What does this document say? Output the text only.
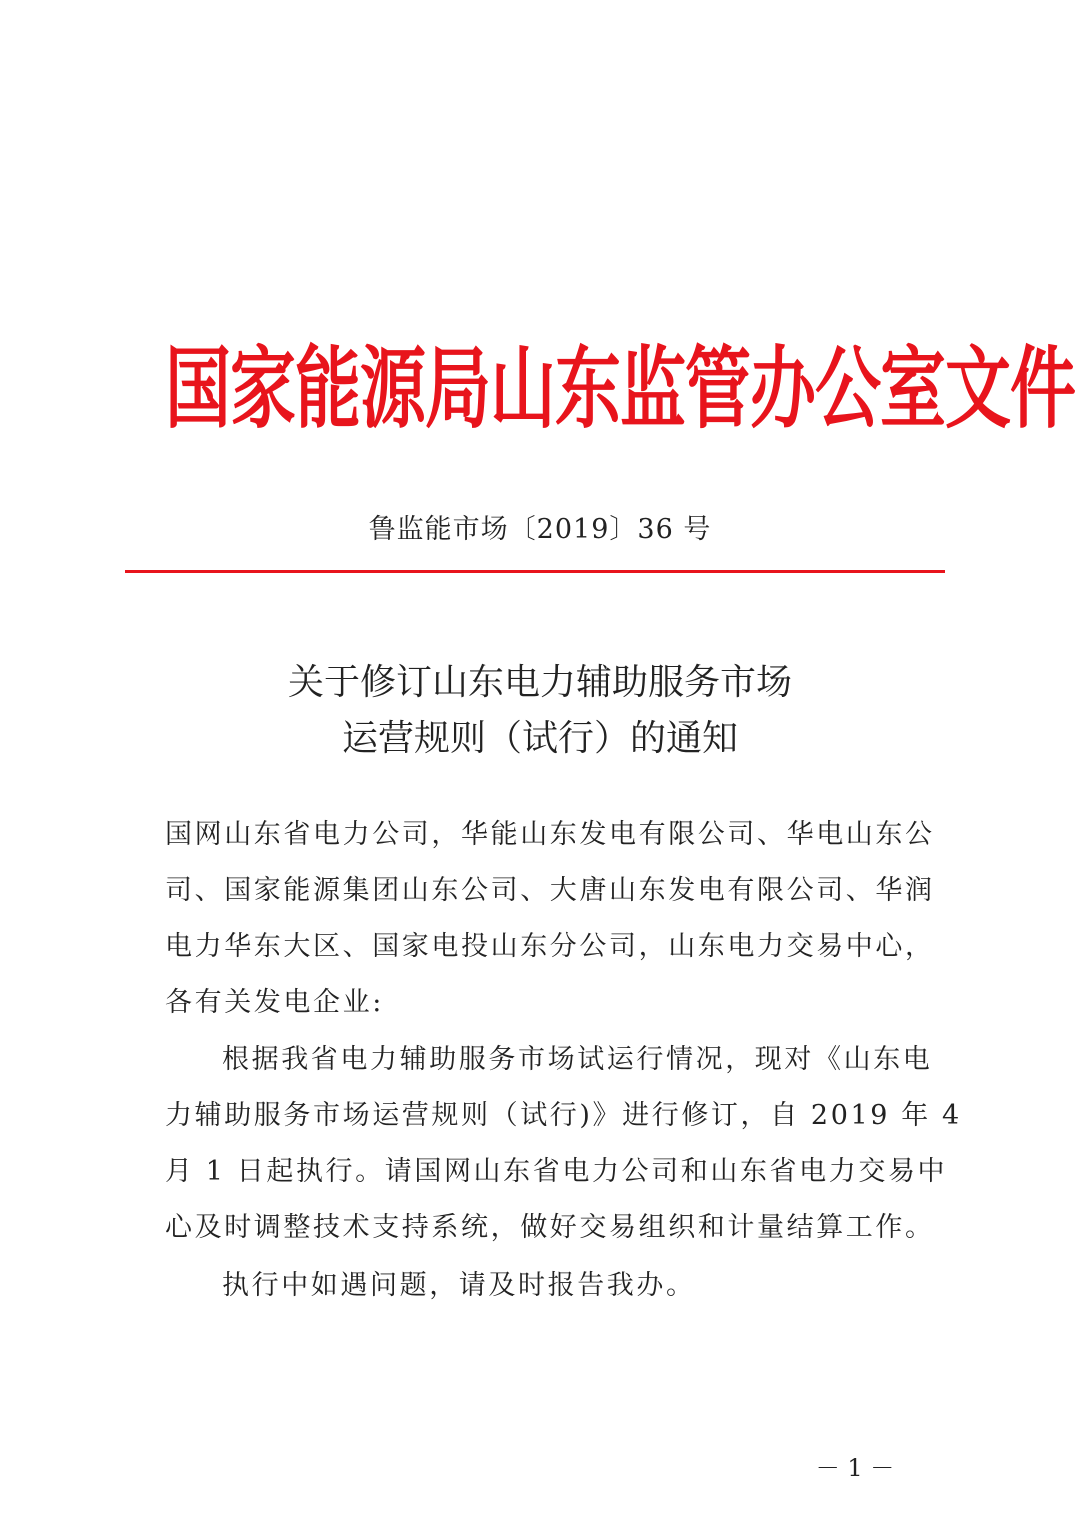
国家能源局山东监管办公室文件
鲁监能市场〔2019〕36 号
关于修订山东电力辅助服务市场
运营规则（试行）的通知
国网山东省电力公司，华能山东发电有限公司、华电山东公
司、国家能源集团山东公司、大唐山东发电有限公司、华润
电力华东大区、国家电投山东分公司，山东电力交易中心，
各有关发电企业:
根据我省电力辅助服务市场试运行情况，现对《山东电
力辅助服务市场运营规则（试行)》进行修订，自 2019 年 4
月 1 日起执行。请国网山东省电力公司和山东省电力交易中
心及时调整技术支持系统，做好交易组织和计量结算工作。
执行中如遇问题，请及时报告我办。
－ 1 －
